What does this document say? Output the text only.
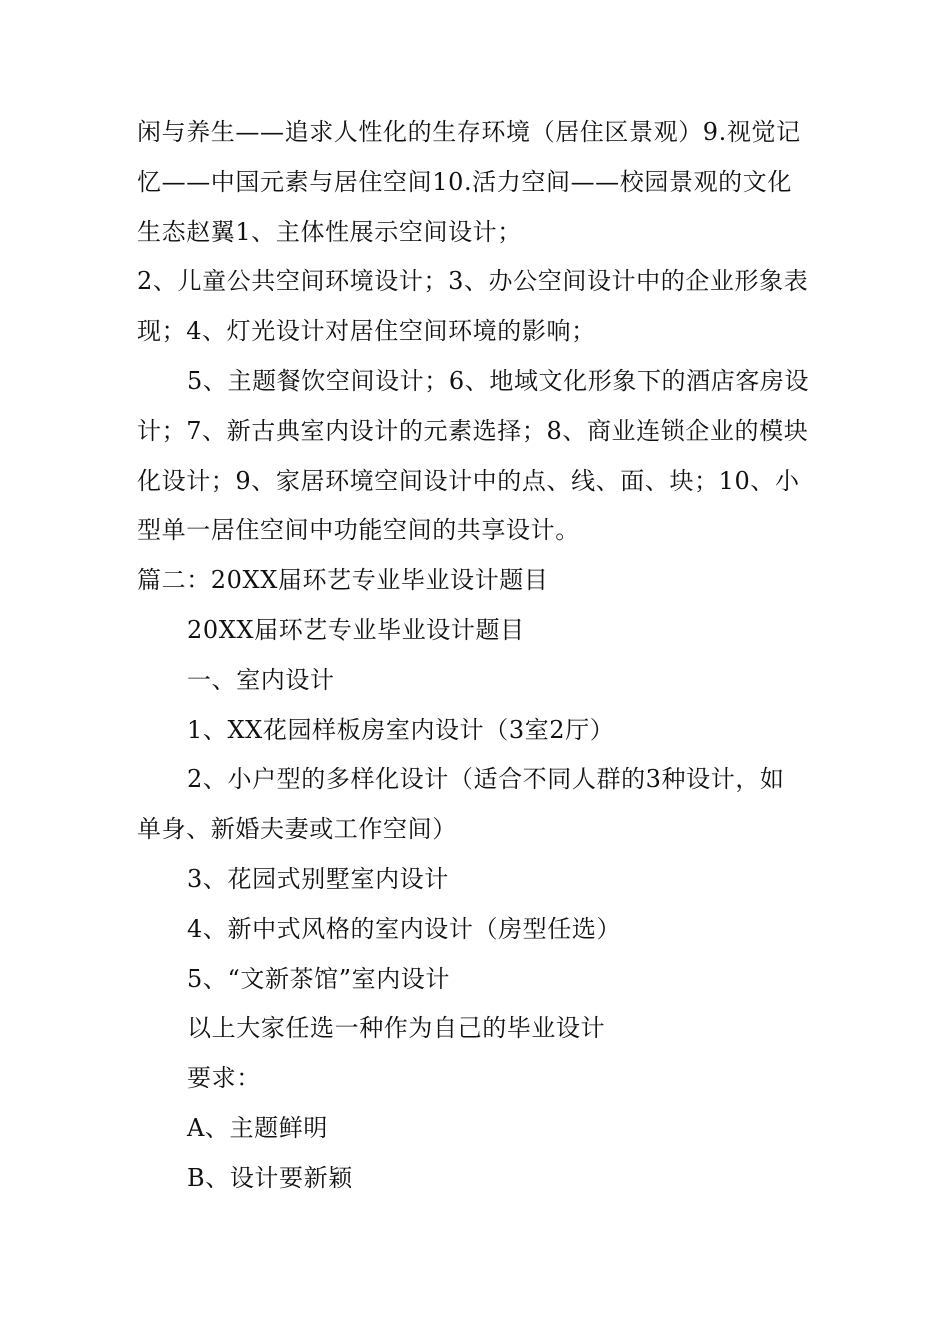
闲与养生——追求人性化的生存环境（居住区景观）9.视觉记
忆——中国元素与居住空间10.活力空间——校园景观的文化
生态赵翼1、主体性展示空间设计；
2、儿童公共空间环境设计；3、办公空间设计中的企业形象表
现；4、灯光设计对居住空间环境的影响；
5、主题餐饮空间设计；6、地域文化形象下的酒店客房设
计；7、新古典室内设计的元素选择；8、商业连锁企业的模块
化设计；9、家居环境空间设计中的点、线、面、块；10、小
型单一居住空间中功能空间的共享设计。
篇二：20XX届环艺专业毕业设计题目
20XX届环艺专业毕业设计题目
一、室内设计
1、XX花园样板房室内设计（3室2厅）
2、小户型的多样化设计（适合不同人群的3种设计，如
单身、新婚夫妻或工作空间）
3、花园式别墅室内设计
4、新中式风格的室内设计（房型任选）
5、“文新茶馆”室内设计
以上大家任选一种作为自己的毕业设计
要求：
A、主题鲜明
B、设计要新颖
